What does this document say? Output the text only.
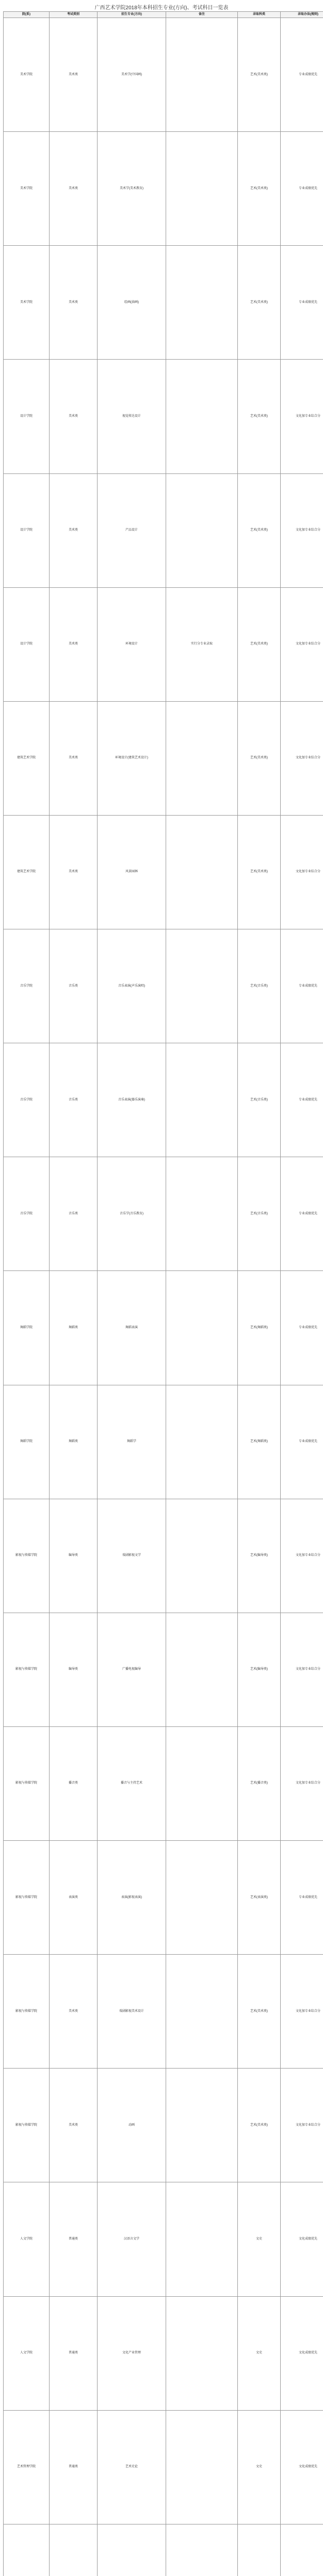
广西艺术学院2018年本科招生专业(方向)、考试科目一览表
院(系)	考试类别	招生专业(方向)	备注	录取科类	录取办法(规则)
美术学院	美术类	美术学(中国画)		艺术(美术类)	专业成绩优先
美术学院	美术类	美术学(美术教育)		艺术(美术类)	专业成绩优先
美术学院	美术类	绘画(油画)		艺术(美术类)	专业成绩优先
设计学院	美术类	视觉传达设计		艺术(美术类)	文化加专业综合分
设计学院	美术类	产品设计		艺术(美术类)	文化加专业综合分
设计学院	美术类	环境设计	实行分专业录取	艺术(美术类)	文化加专业综合分
建筑艺术学院	美术类	环境设计(建筑艺术设计)		艺术(美术类)	文化加专业综合分
建筑艺术学院	美术类	风景园林		艺术(美术类)	文化加专业综合分
音乐学院	音乐类	音乐表演(声乐演唱)		艺术(音乐类)	专业成绩优先
音乐学院	音乐类	音乐表演(器乐演奏)		艺术(音乐类)	专业成绩优先
音乐学院	音乐类	音乐学(音乐教育)		艺术(音乐类)	专业成绩优先
舞蹈学院	舞蹈类	舞蹈表演		艺术(舞蹈类)	专业成绩优先
舞蹈学院	舞蹈类	舞蹈学		艺术(舞蹈类)	专业成绩优先
影视与传媒学院	编导类	戏剧影视文学		艺术(编导类)	文化加专业综合分
影视与传媒学院	编导类	广播电视编导		艺术(编导类)	文化加专业综合分
影视与传媒学院	播音类	播音与主持艺术		艺术(播音类)	文化加专业综合分
影视与传媒学院	表演类	表演(影视表演)		艺术(表演类)	专业成绩优先
影视与传媒学院	美术类	戏剧影视美术设计		艺术(美术类)	文化加专业综合分
影视与传媒学院	美术类	动画		艺术(美术类)	文化加专业综合分
人文学院	普通类	汉语言文学		文史	文化成绩优先
人文学院	普通类	文化产业管理		文史	文化成绩优先
艺术管理学院	普通类	艺术史论		文史	文化成绩优先
